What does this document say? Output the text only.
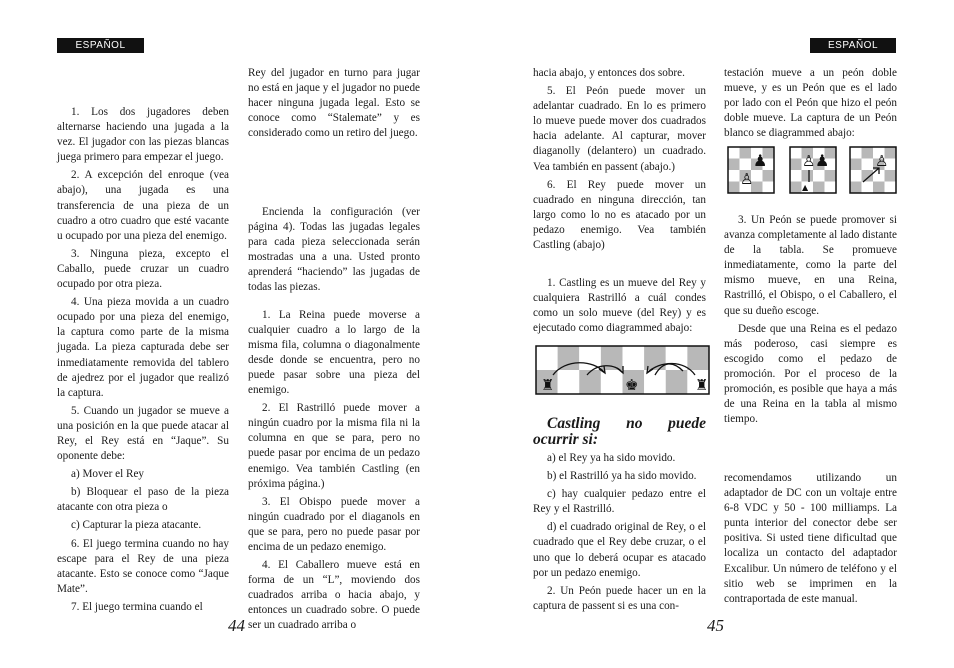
ESPAÑOL	ESPAÑOL

1. Los dos jugadores deben alternarse haciendo una jugada a la vez. El jugador con las piezas blancas juega primero para empezar el juego.

2. A excepción del enroque (vea abajo), una jugada es una transferencia de una pieza de un cuadro a otro cuadro que esté vacante u ocupado por una pieza del enemigo.

3. Ninguna pieza, excepto el Caballo, puede cruzar un cuadro ocupado por otra pieza.

4. Una pieza movida a un cuadro ocupado por una pieza del enemigo, la captura como parte de la misma jugada. La pieza capturada debe ser inmediatamente removida del tablero de ajedrez por el jugador que realizó la captura.

5. Cuando un jugador se mueve a una posición en la que puede atacar al Rey, el Rey está en “Jaque”. Su oponente debe:

a) Mover el Rey

b) Bloquear el paso de la pieza atacante con otra pieza o

c) Capturar la pieza atacante.

6. El juego termina cuando no hay escape para el Rey de una pieza atacante. Esto se conoce como “Jaque Mate”.

7. El juego termina cuando el

Rey del jugador en turno para jugar no está en jaque y el jugador no puede hacer ninguna jugada legal. Esto se conoce como “Stalemate” y es considerado como un retiro del juego.

Encienda la configuración (ver página 4). Todas las jugadas legales para cada pieza seleccionada serán mostradas una a una. Usted pronto aprenderá “haciendo” las jugadas de todas las piezas.

1. La Reina puede moverse a cualquier cuadro a lo largo de la misma fila, columna o diagonalmente desde donde se encuentra, pero no puede pasar sobre una pieza del enemigo.

2. El Rastrilló puede mover a ningún cuadro por la misma fila ni la columna en que se para, pero no puede pasar por encima de un pedazo enemigo. Vea también Castling (en próxima página.)

3. El Obispo puede mover a ningún cuadrado por el diaganols en que se para, pero no puede pasar por encima de un pedazo enemigo.

4. El Caballero mueve está en forma de un “L”, moviendo dos cuadrados arriba o hacia abajo, y entonces un cuadrado sobre. O puede ser un cuadrado arriba o

44

hacia abajo, y entonces dos sobre.

5. El Peón puede mover un adelantar cuadrado. En lo es primero lo mueve puede mover dos cuadrados hacia adelante. Al capturar, mover diaganolly (delantero) un cuadrado. Vea también en passent (abajo.)

6. El Rey puede mover un cuadrado en ninguna dirección, tan largo como lo no es atacado por un pedazo enemigo. Vea también Castling (abajo)

1. Castling es un mueve del Rey y cualquiera Rastrilló a cuál condes como un solo mueve (del Rey) y es ejecutado como diagrammed abajo:

♜	♚	♜

Castling no puede ocurrir si:

a) el Rey ya ha sido movido.

b) el Rastrilló ya ha sido movido.

c) hay cualquier pedazo entre el Rey y el Rastrilló.

d) el cuadrado original de Rey, o el cuadrado que el Rey debe cruzar, o el uno que lo deberá ocupar es atacado por un pedazo enemigo.

2. Un Peón puede hacer un en la captura de passent si es una con-

testación mueve a un peón doble mueve, y es un Peón que es el lado por lado con el Peón que hizo el peón doble mueve. La captura de un Peón blanco se diagrammed abajo:

♟
♙
♙ ♟
▲
♙

3. Un Peón se puede promover si avanza completamente al lado distante de la tabla. Se promueve inmediatamente, como la parte del mismo mueve, en una Reina, Rastrilló, el Obispo, o el Caballero, el que su dueño escoge.

Desde que una Reina es el pedazo más poderoso, casi siempre es escogido como el pedazo de promoción. Por el proceso de la promoción, es posible que haya a más de una Reina en la tabla al mismo tiempo.

recomendamos utilizando un adaptador de DC con un voltaje entre 6-8 VDC y 50 - 100 milliamps. La punta interior del conector debe ser positiva. Si usted tiene dificultad que localiza un contacto del adaptador Excalibur. Un número de teléfono y el sitio web se imprimen en la contraportada de este manual.

45
